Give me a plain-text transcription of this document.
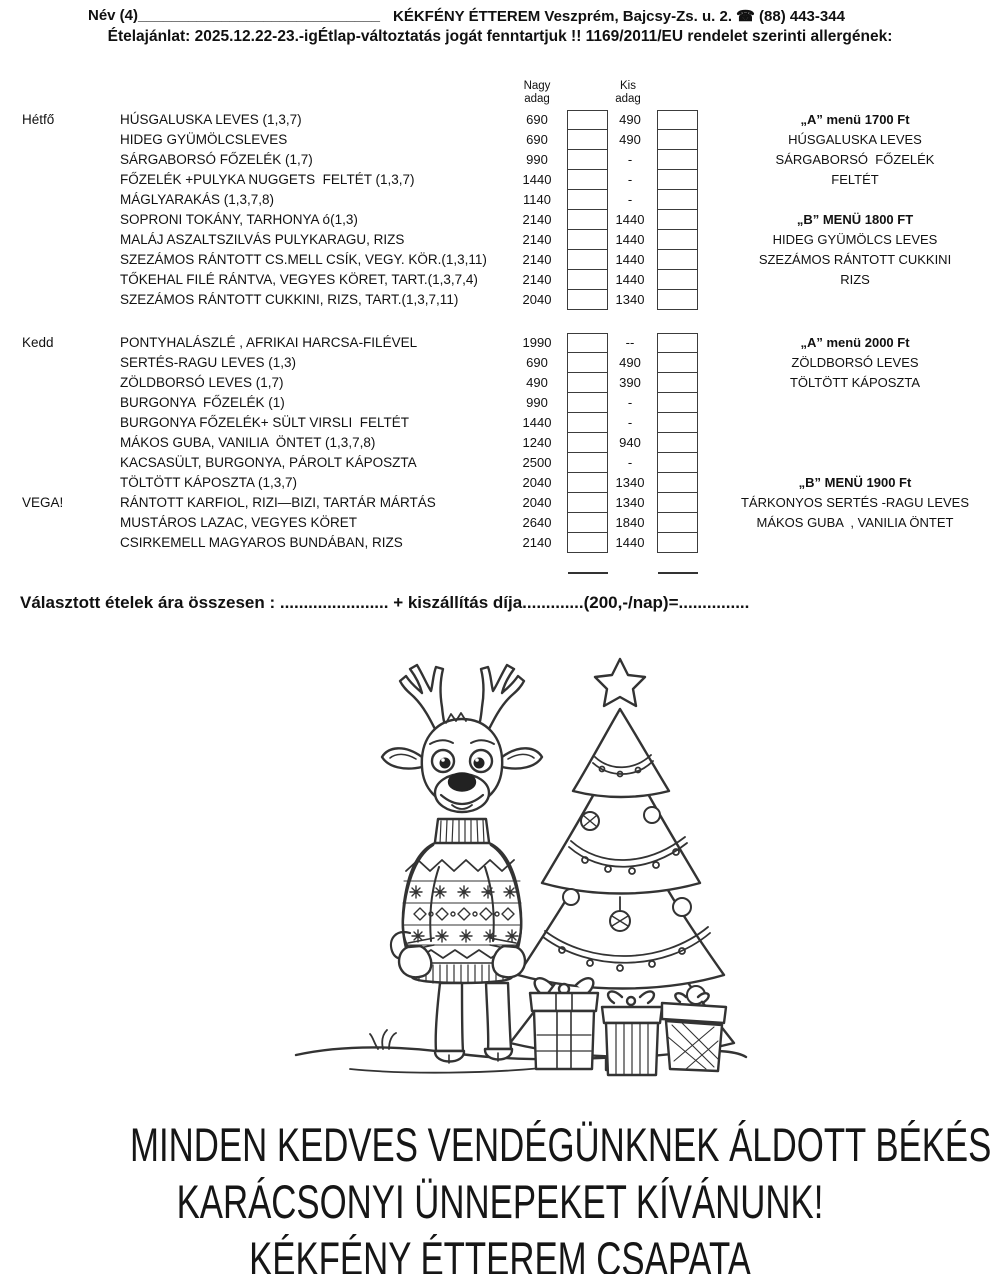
Név (4)_____________________________ KÉKFÉNY ÉTTEREM Veszprém, Bajcsy-Zs. u. 2. ☎ (88) 443-344
Ételajánlat: 2025.12.22-23.-igÉtlap-változtatás jogát fenntartjuk !! 1169/2011/EU rendelet szerinti allergének:
Nagy
adag
Kis
adag
Hétfő	HÚSGALUSKA LEVES (1,3,7)	690	490	„A” menü 1700 Ft
HIDEG GYÜMÖLCSLEVES	690	490	HÚSGALUSKA LEVES
SÁRGABORSÓ FŐZELÉK (1,7)	990	-	SÁRGABORSÓ  FŐZELÉK
FŐZELÉK +PULYKA NUGGETS  FELTÉT (1,3,7)	1440	-	FELTÉT
MÁGLYARAKÁS (1,3,7,8)	1140	-
SOPRONI TOKÁNY, TARHONYA ó(1,3)	2140	1440	„B” MENÜ 1800 FT
MALÁJ ASZALTSZILVÁS PULYKARAGU, RIZS	2140	1440	HIDEG GYÜMÖLCS LEVES
SZEZÁMOS RÁNTOTT CS.MELL CSÍK, VEGY. KÖR.(1,3,11)	2140	1440	SZEZÁMOS RÁNTOTT CUKKINI
TŐKEHAL FILÉ RÁNTVA, VEGYES KÖRET, TART.(1,3,7,4)	2140	1440	RIZS
SZEZÁMOS RÁNTOTT CUKKINI, RIZS, TART.(1,3,7,11)	2040	1340
Kedd	PONTYHALÁSZLÉ , AFRIKAI HARCSA-FILÉVEL	1990	--	„A” menü 2000 Ft
SERTÉS-RAGU LEVES (1,3)	690	490	ZÖLDBORSÓ LEVES
ZÖLDBORSÓ LEVES (1,7)	490	390	TÖLTÖTT KÁPOSZTA
BURGONYA  FŐZELÉK (1)	990	-
BURGONYA FŐZELÉK+ SÜLT VIRSLI  FELTÉT	1440	-
MÁKOS GUBA, VANILIA  ÖNTET (1,3,7,8)	1240	940
KACSASÜLT, BURGONYA, PÁROLT KÁPOSZTA	2500	-
TÖLTÖTT KÁPOSZTA (1,3,7)	2040	1340	„B” MENÜ 1900 Ft
VEGA!	RÁNTOTT KARFIOL, RIZI—BIZI, TARTÁR MÁRTÁS	2040	1340	TÁRKONYOS SERTÉS -RAGU LEVES
MUSTÁROS LAZAC, VEGYES KÖRET	2640	1840	MÁKOS GUBA  , VANILIA ÖNTET
CSIRKEMELL MAGYAROS BUNDÁBAN, RIZS	2140	1440
Választott ételek ára összesen : ....................... + kiszállítás díja.............(200,-/nap)=...............
MINDEN KEDVES VENDÉGÜNKNEK ÁLDOTT BÉKÉS
KARÁCSONYI ÜNNEPEKET KÍVÁNUNK!
KÉKFÉNY ÉTTEREM CSAPATA
